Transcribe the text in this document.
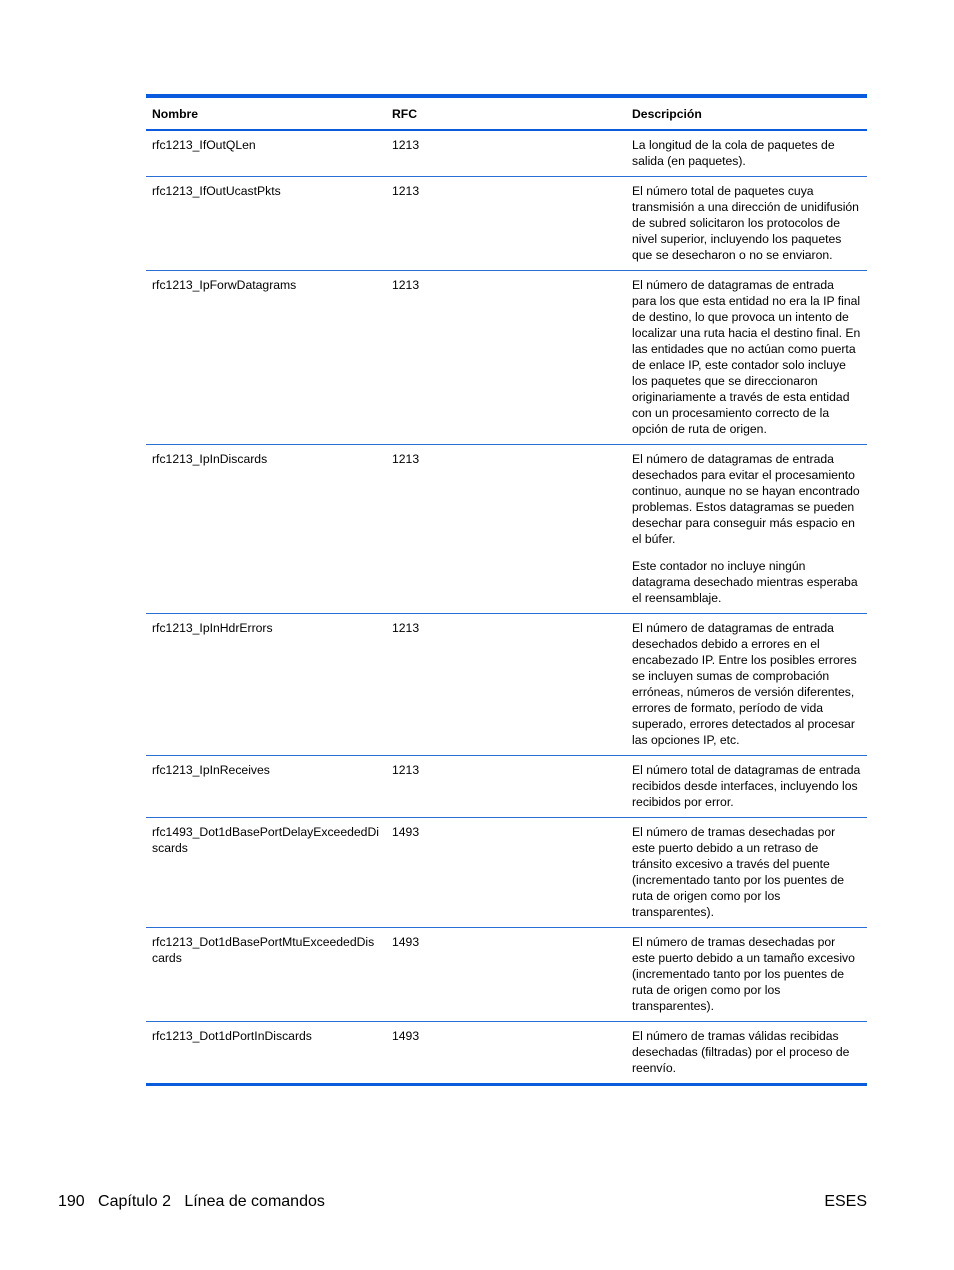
Nombre	RFC	Descripción
rfc1213_IfOutQLen	1213	La longitud de la cola de paquetes de salida (en paquetes).

rfc1213_IfOutUcastPkts	1213	El número total de paquetes cuya transmisión a una dirección de unidifusión de subred solicitaron los protocolos de nivel superior, incluyendo los paquetes que se desecharon o no se enviaron.

rfc1213_IpForwDatagrams	1213	El número de datagramas de entrada para los que esta entidad no era la IP final de destino, lo que provoca un intento de localizar una ruta hacia el destino final. En las entidades que no actúan como puerta de enlace IP, este contador solo incluye los paquetes que se direccionaron originariamente a través de esta entidad con un procesamiento correcto de la opción de ruta de origen.

rfc1213_IpInDiscards	1213	El número de datagramas de entrada desechados para evitar el procesamiento continuo, aunque no se hayan encontrado problemas. Estos datagramas se pueden desechar para conseguir más espacio en el búfer.

Este contador no incluye ningún datagrama desechado mientras esperaba el reensamblaje.

rfc1213_IpInHdrErrors	1213	El número de datagramas de entrada desechados debido a errores en el encabezado IP. Entre los posibles errores se incluyen sumas de comprobación erróneas, números de versión diferentes, errores de formato, período de vida superado, errores detectados al procesar las opciones IP, etc.

rfc1213_IpInReceives	1213	El número total de datagramas de entrada recibidos desde interfaces, incluyendo los recibidos por error.

rfc1493_Dot1dBasePortDelayExceededDiscards	1493	El número de tramas desechadas por este puerto debido a un retraso de tránsito excesivo a través del puente (incrementado tanto por los puentes de ruta de origen como por los transparentes).

rfc1213_Dot1dBasePortMtuExceededDiscards	1493	El número de tramas desechadas por este puerto debido a un tamaño excesivo (incrementado tanto por los puentes de ruta de origen como por los transparentes).

rfc1213_Dot1dPortInDiscards	1493	El número de tramas válidas recibidas desechadas (filtradas) por el proceso de reenvío.

190 Capítulo 2 Línea de comandos	ESES
